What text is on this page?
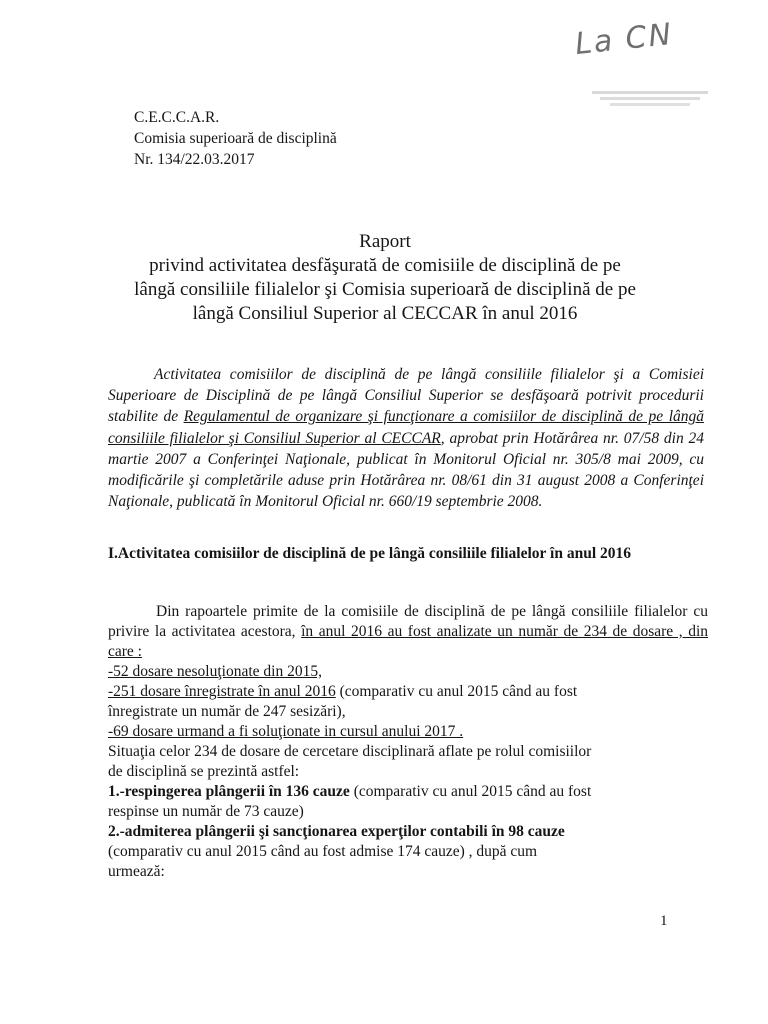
La CN
C.E.C.C.A.R.
Comisia superioară de disciplină
Nr. 134/22.03.2017
Raport
privind activitatea desfăşurată de comisiile de disciplină de pe
lângă consiliile filialelor şi Comisia superioară de disciplină de pe
lângă Consiliul Superior al CECCAR în anul 2016
Activitatea comisiilor de disciplină de pe lângă consiliile filialelor şi a Comisiei Superioare de Disciplină de pe lângă Consiliul Superior se desfăşoară potrivit procedurii stabilite de Regulamentul de organizare şi funcţionare a comisiilor de disciplină de pe lângă consiliile filialelor şi Consiliul Superior al CECCAR, aprobat prin Hotărârea nr. 07/58 din 24 martie 2007 a Conferinţei Naţionale, publicat în Monitorul Oficial nr. 305/8 mai 2009, cu modificările şi completările aduse prin Hotărârea nr. 08/61 din 31 august 2008 a Conferinţei Naţionale, publicată în Monitorul Oficial nr. 660/19 septembrie 2008.
I.Activitatea comisiilor de disciplină de pe lângă consiliile filialelor în anul 2016
Din rapoartele primite de la comisiile de disciplină de pe lângă consiliile filialelor cu privire la activitatea acestora, în anul 2016 au fost analizate un număr de 234 de dosare , din care :
-52 dosare nesoluţionate din 2015,
-251 dosare înregistrate în anul 2016 (comparativ cu anul 2015 când au fost
înregistrate un număr de 247 sesizări),
-69 dosare urmand a fi soluţionate in cursul anului 2017 .
Situaţia celor 234 de dosare de cercetare disciplinară aflate pe rolul comisiilor
de disciplină se prezintă astfel:
1.-respingerea plângerii în 136 cauze (comparativ cu anul 2015 când au fost
respinse un număr de 73 cauze)
2.-admiterea plângerii şi sancţionarea experţilor contabili în 98 cauze
(comparativ cu anul 2015 când au fost admise 174 cauze) , după cum
urmează:
1
